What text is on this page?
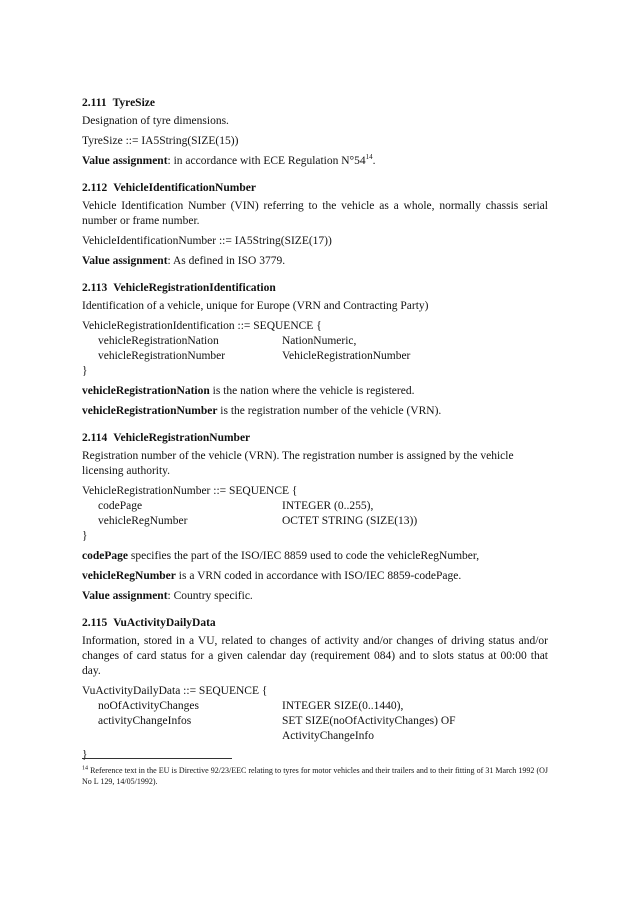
2.111 TyreSize

Designation of tyre dimensions.

TyreSize ::= IA5String(SIZE(15))

Value assignment: in accordance with ECE Regulation $N^\circ 54^{14}$.

2.112 VehicleIdentificationNumber

Vehicle Identification Number (VIN) referring to the vehicle as a whole, normally chassis serial number or frame number.

VehicleIdentificationNumber ::= IA5String(SIZE(17))

Value assignment: As defined in ISO 3779.

2.113 VehicleRegistrationIdentification

Identification of a vehicle, unique for Europe (VRN and Contracting Party)

VehicleRegistrationIdentification ::= SEQUENCE {
vehicleRegistrationNation	NationNumeric,
vehicleRegistrationNumber	VehicleRegistrationNumber
}

vehicleRegistrationNation is the nation where the vehicle is registered.

vehicleRegistrationNumber is the registration number of the vehicle (VRN).

2.114 VehicleRegistrationNumber

Registration number of the vehicle (VRN). The registration number is assigned by the vehicle licensing authority.

VehicleRegistrationNumber ::= SEQUENCE {
codePage	INTEGER (0..255),
vehicleRegNumber	OCTET STRING (SIZE(13))
}

codePage specifies the part of the ISO/IEC 8859 used to code the vehicleRegNumber,

vehicleRegNumber is a VRN coded in accordance with ISO/IEC 8859-codePage.

Value assignment: Country specific.

2.115 VuActivityDailyData

Information, stored in a VU, related to changes of activity and/or changes of driving status and/or changes of card status for a given calendar day (requirement 084) and to slots status at 00:00 that day.

VuActivityDailyData ::= SEQUENCE {
noOfActivityChanges	INTEGER SIZE(0..1440),
activityChangeInfos	SET SIZE(noOfActivityChanges) OF ActivityChangeInfo
}
$^{14}$ Reference text in the EU is Directive 92/23/EEC relating to tyres for motor vehicles and their trailers and to their fitting of 31 March 1992 (OJ No L 129, 14/05/1992).
